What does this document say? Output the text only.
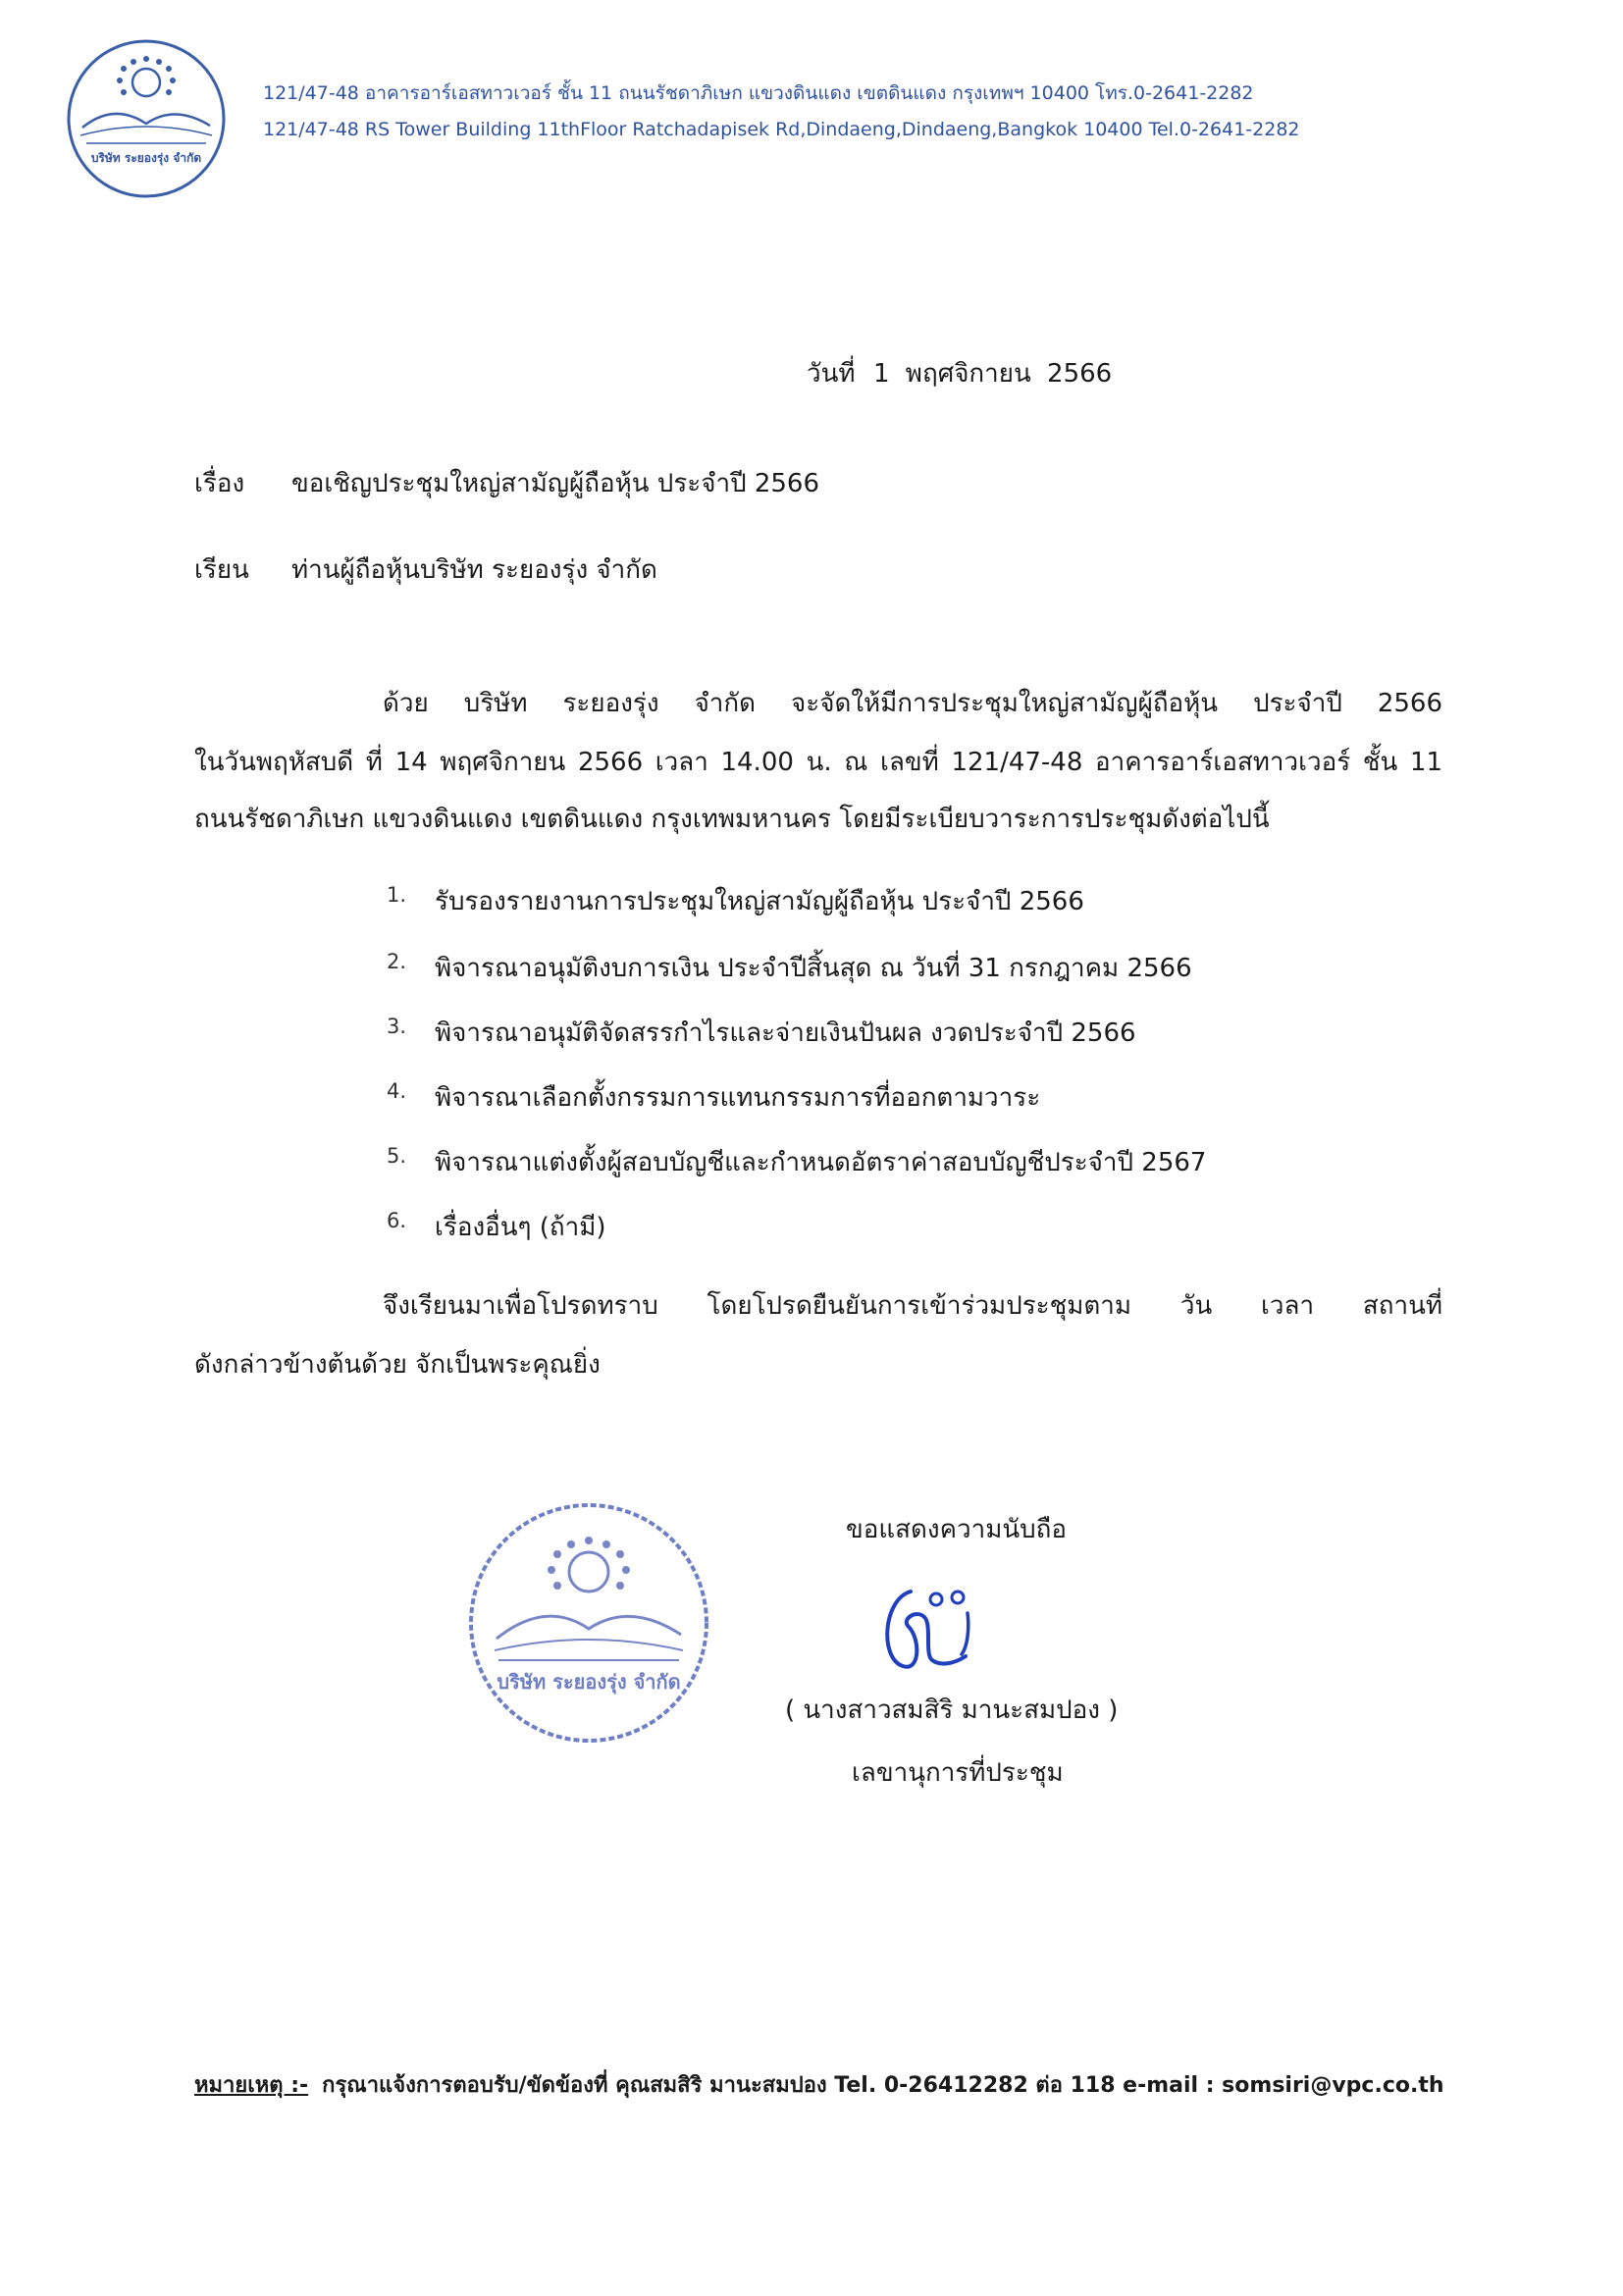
บริษัท ระยองรุ่ง จำกัด
121/47-48 อาคารอาร์เอสทาวเวอร์ ชั้น 11 ถนนรัชดาภิเษก แขวงดินแดง เขตดินแดง กรุงเทพฯ 10400 โทร.0-2641-2282
121/47-48 RS Tower Building 11thFloor Ratchadapisek Rd,Dindaeng,Dindaeng,Bangkok 10400 Tel.0-2641-2282
วันที่ 1 พฤศจิกายน 2566
เรื่อง ขอเชิญประชุมใหญ่สามัญผู้ถือหุ้น ประจำปี 2566
เรียน ท่านผู้ถือหุ้นบริษัท ระยองรุ่ง จำกัด
ด้วย บริษัท ระยองรุ่ง จำกัด จะจัดให้มีการประชุมใหญ่สามัญผู้ถือหุ้น ประจำปี 2566
ในวันพฤหัสบดี ที่ 14 พฤศจิกายน 2566 เวลา 14.00 น. ณ เลขที่ 121/47-48 อาคารอาร์เอสทาวเวอร์ ชั้น 11
ถนนรัชดาภิเษก แขวงดินแดง เขตดินแดง กรุงเทพมหานคร โดยมีระเบียบวาระการประชุมดังต่อไปนี้
1.	รับรองรายงานการประชุมใหญ่สามัญผู้ถือหุ้น ประจำปี 2566
2.	พิจารณาอนุมัติงบการเงิน ประจำปีสิ้นสุด ณ วันที่ 31 กรกฎาคม 2566
3.	พิจารณาอนุมัติจัดสรรกำไรและจ่ายเงินปันผล งวดประจำปี 2566
4.	พิจารณาเลือกตั้งกรรมการแทนกรรมการที่ออกตามวาระ
5.	พิจารณาแต่งตั้งผู้สอบบัญชีและกำหนดอัตราค่าสอบบัญชีประจำปี 2567
6.	เรื่องอื่นๆ (ถ้ามี)
จึงเรียนมาเพื่อโปรดทราบ โดยโปรดยืนยันการเข้าร่วมประชุมตาม วัน เวลา สถานที่
ดังกล่าวข้างต้นด้วย จักเป็นพระคุณยิ่ง
บริษัท ระยองรุ่ง จำกัด
ขอแสดงความนับถือ
( นางสาวสมสิริ มานะสมปอง )
เลขานุการที่ประชุม
หมายเหตุ :- กรุณาแจ้งการตอบรับ/ขัดข้องที่ คุณสมสิริ มานะสมปอง Tel. 0-26412282 ต่อ 118 e-mail : somsiri@vpc.co.th
